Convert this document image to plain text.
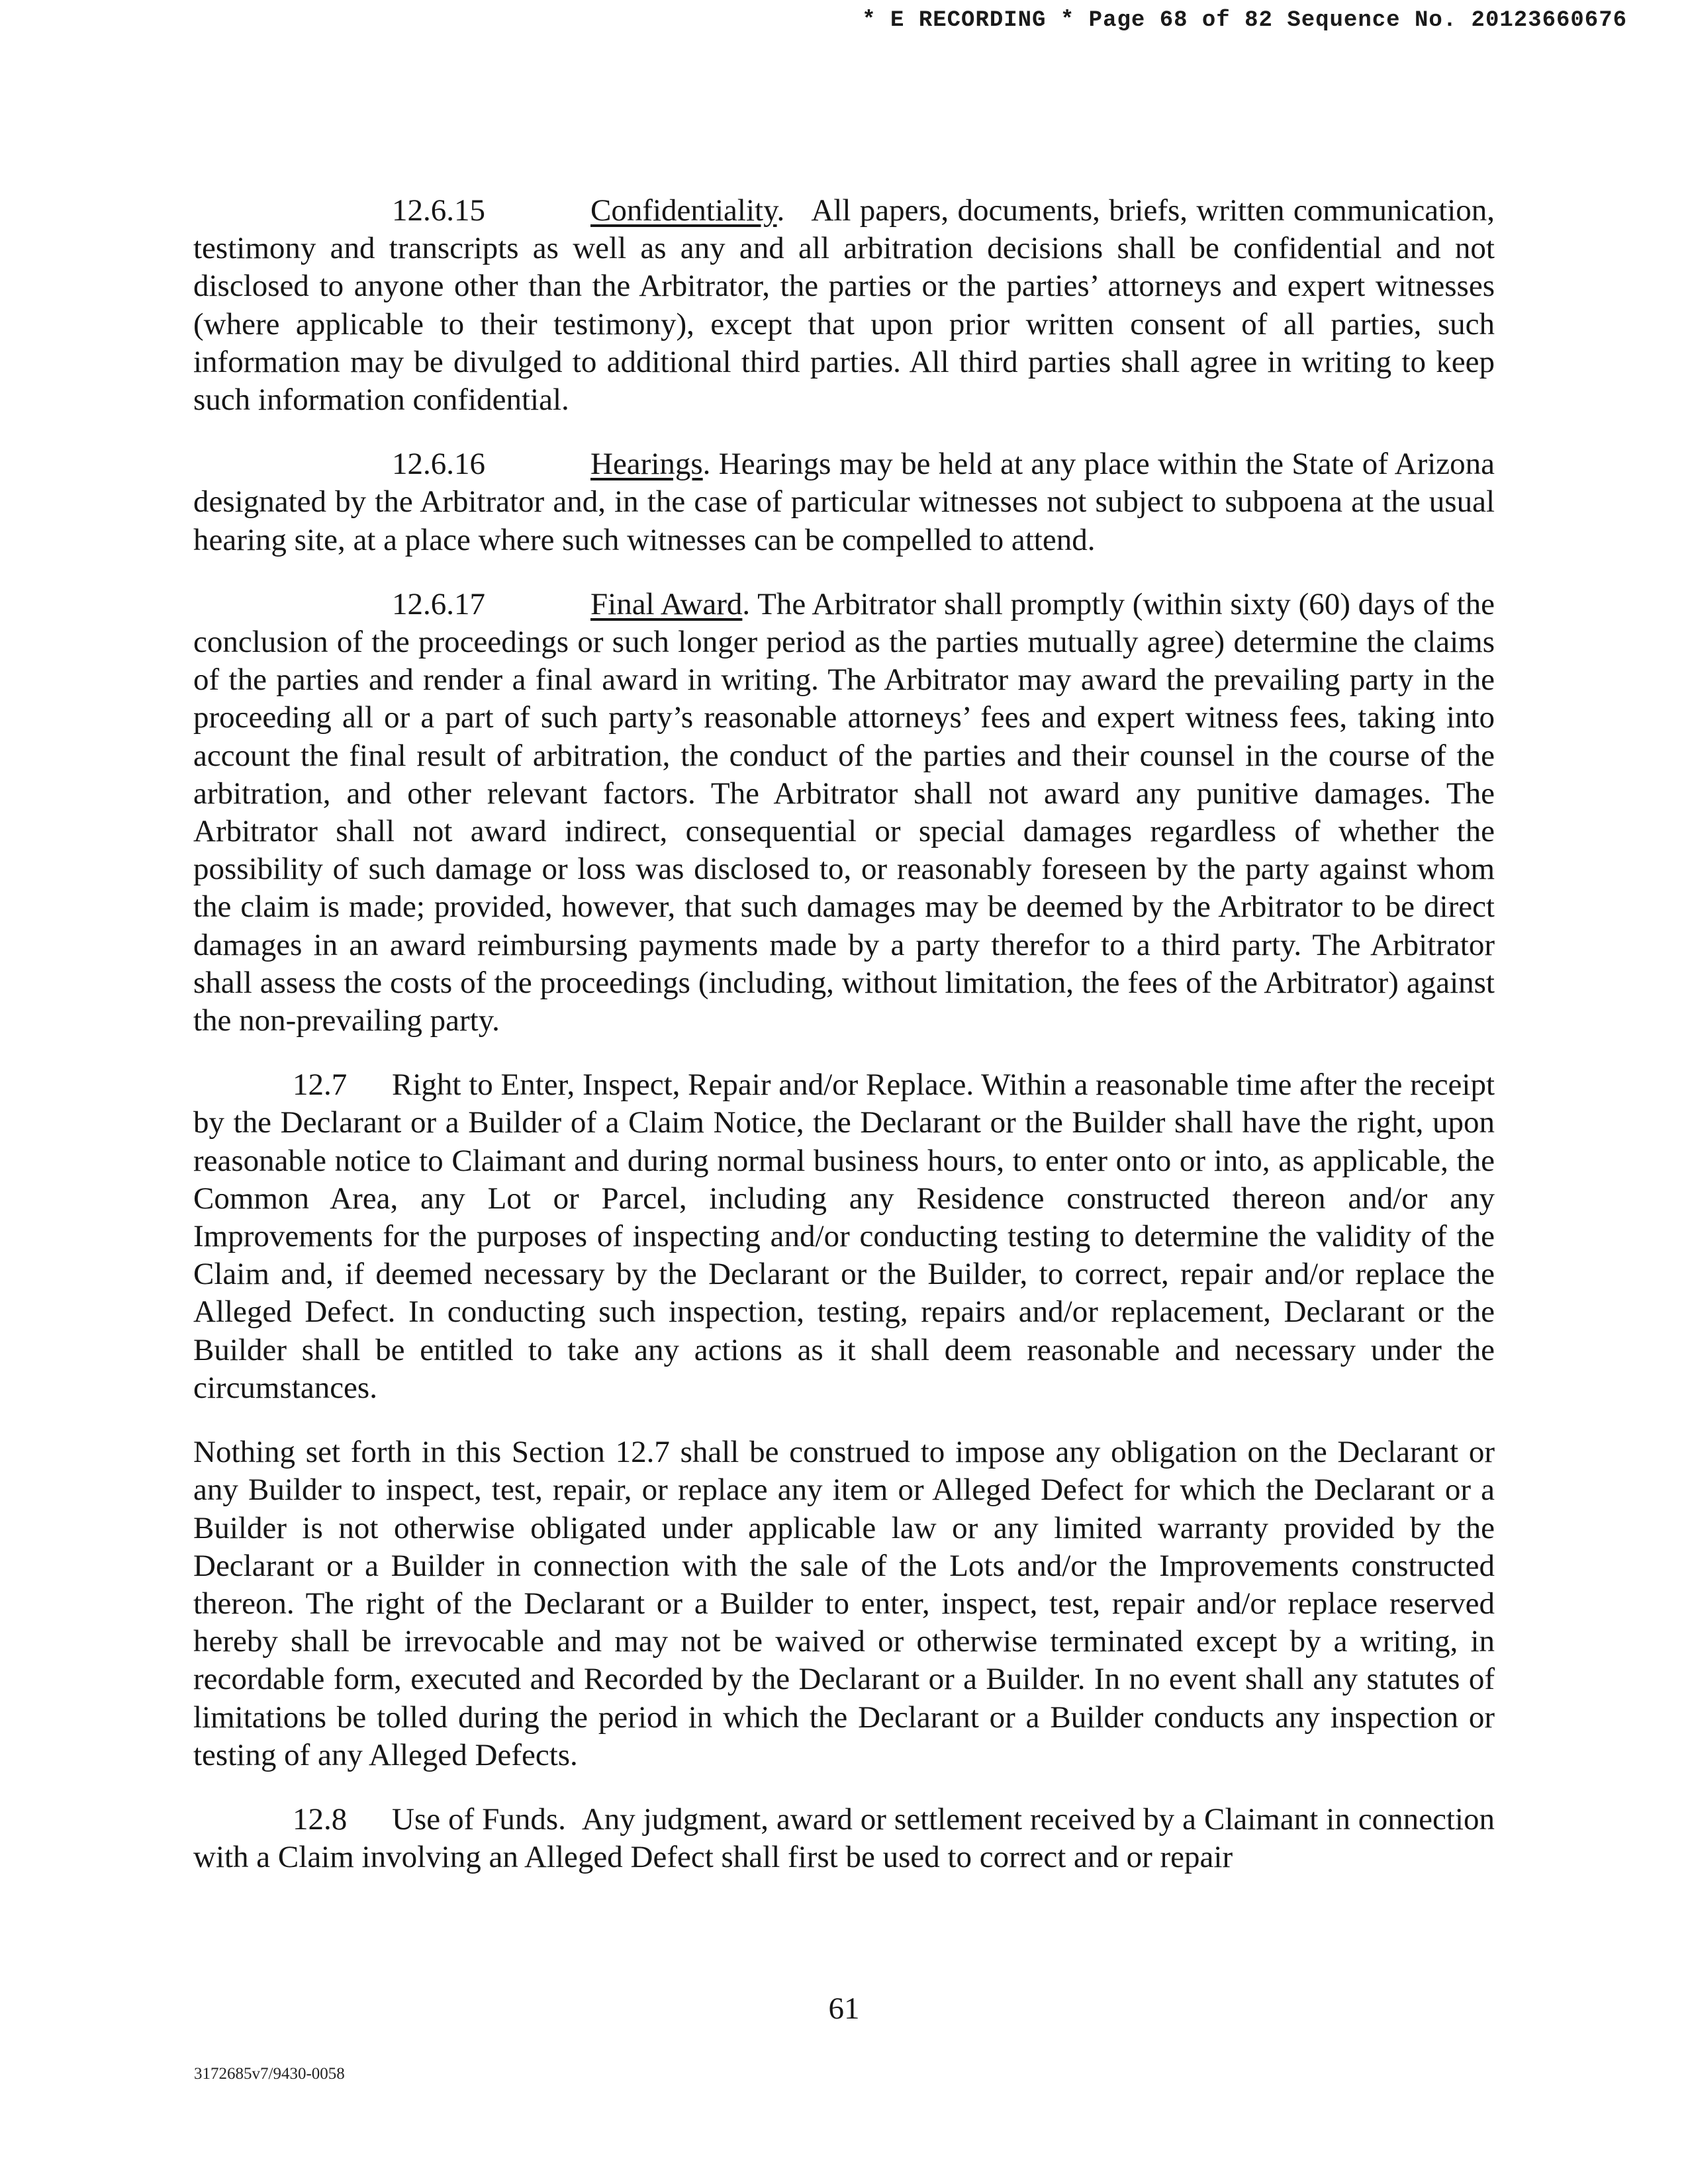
* E RECORDING * Page 68 of 82 Sequence No. 20123660676

12.6.15	Confidentiality.   All papers, documents, briefs, written communication, testimony and transcripts as well as any and all arbitration decisions shall be confidential and not disclosed to anyone other than the Arbitrator, the parties or the parties’ attorneys and expert witnesses (where applicable to their testimony), except that upon prior written consent of all parties, such information may be divulged to additional third parties. All third parties shall agree in writing to keep such information confidential.

12.6.16	Hearings. Hearings may be held at any place within the State of Arizona designated by the Arbitrator and, in the case of particular witnesses not subject to subpoena at the usual hearing site, at a place where such witnesses can be compelled to attend.

12.6.17	Final Award. The Arbitrator shall promptly (within sixty (60) days of the conclusion of the proceedings or such longer period as the parties mutually agree) determine the claims of the parties and render a final award in writing. The Arbitrator may award the prevailing party in the proceeding all or a part of such party’s reasonable attorneys’ fees and expert witness fees, taking into account the final result of arbitration, the conduct of the parties and their counsel in the course of the arbitration, and other relevant factors. The Arbitrator shall not award any punitive damages. The Arbitrator shall not award indirect, consequential or special damages regardless of whether the possibility of such damage or loss was disclosed to, or reasonably foreseen by the party against whom the claim is made; provided, however, that such damages may be deemed by the Arbitrator to be direct damages in an award reimbursing payments made by a party therefor to a third party. The Arbitrator shall assess the costs of the proceedings (including, without limitation, the fees of the Arbitrator) against the non-prevailing party.

12.7 Right to Enter, Inspect, Repair and/or Replace. Within a reasonable time after the receipt by the Declarant or a Builder of a Claim Notice, the Declarant or the Builder shall have the right, upon reasonable notice to Claimant and during normal business hours, to enter onto or into, as applicable, the Common Area, any Lot or Parcel, including any Residence constructed thereon and/or any Improvements for the purposes of inspecting and/or conducting testing to determine the validity of the Claim and, if deemed necessary by the Declarant or the Builder, to correct, repair and/or replace the Alleged Defect. In conducting such inspection, testing, repairs and/or replacement, Declarant or the Builder shall be entitled to take any actions as it shall deem reasonable and necessary under the circumstances.

Nothing set forth in this Section 12.7 shall be construed to impose any obligation on the Declarant or any Builder to inspect, test, repair, or replace any item or Alleged Defect for which the Declarant or a Builder is not otherwise obligated under applicable law or any limited warranty provided by the Declarant or a Builder in connection with the sale of the Lots and/or the Improvements constructed thereon. The right of the Declarant or a Builder to enter, inspect, test, repair and/or replace reserved hereby shall be irrevocable and may not be waived or otherwise terminated except by a writing, in recordable form, executed and Recorded by the Declarant or a Builder. In no event shall any statutes of limitations be tolled during the period in which the Declarant or a Builder conducts any inspection or testing of any Alleged Defects.

12.8 Use of Funds.  Any judgment, award or settlement received by a Claimant in connection with a Claim involving an Alleged Defect shall first be used to correct and or repair

61
3172685v7/9430-0058
